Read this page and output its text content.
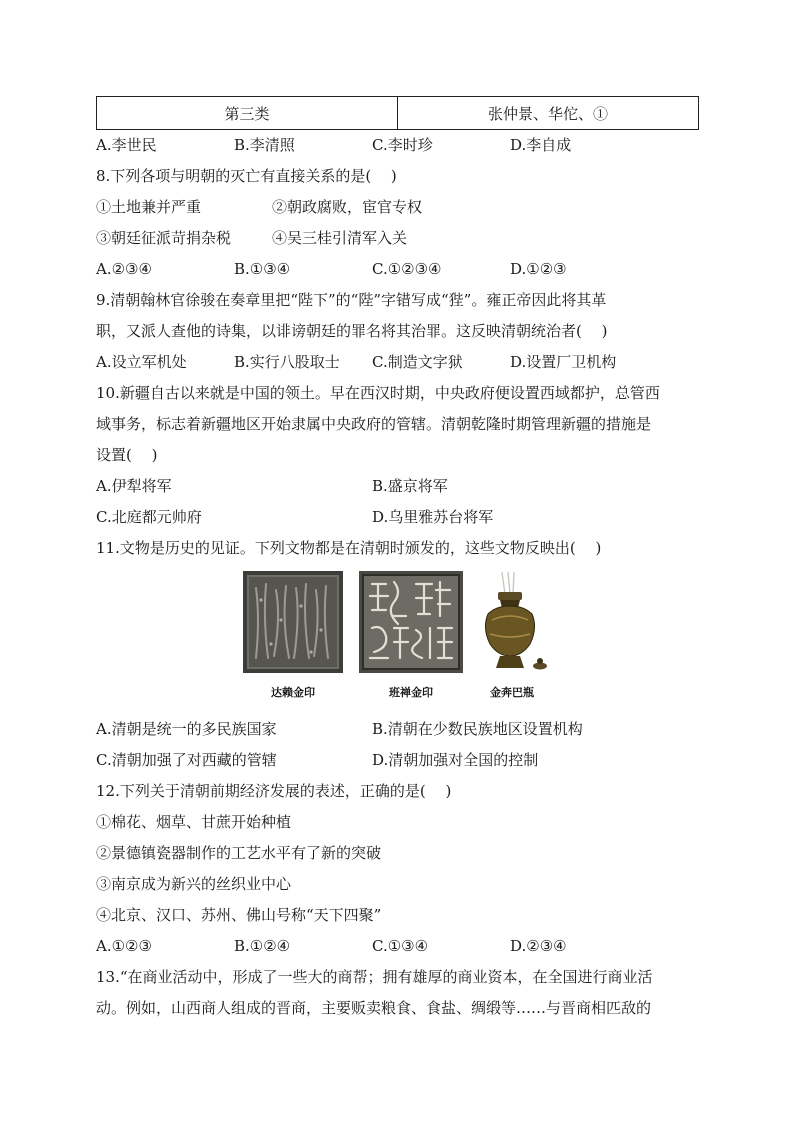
第三类	张仲景、华佗、①
A.李世民	B.李清照	C.李时珍	D.李自成
8.下列各项与明朝的灭亡有直接关系的是(　 )
①土地兼并严重	②朝政腐败，宦官专权
③朝廷征派苛捐杂税	④吴三桂引清军入关
A.②③④	B.①③④	C.①②③④	D.①②③
9.清朝翰林官徐骏在奏章里把“陛下”的“陛”字错写成“狴”。雍正帝因此将其革
职，又派人查他的诗集，以诽谤朝廷的罪名将其治罪。这反映清朝统治者(　 )
A.设立军机处	B.实行八股取士 C.制造文字狱	D.设置厂卫机构
10.新疆自古以来就是中国的领土。早在西汉时期，中央政府便设置西域都护，总管西
域事务，标志着新疆地区开始隶属中央政府的管辖。清朝乾隆时期管理新疆的措施是
设置(　 )
A.伊犁将军	B.盛京将军
C.北庭都元帅府	D.乌里雅苏台将军
11.文物是历史的见证。下列文物都是在清朝时颁发的，这些文物反映出(　 )
达赖金印	班禅金印	金奔巴瓶
A.清朝是统一的多民族国家	B.清朝在少数民族地区设置机构
C.清朝加强了对西藏的管辖	D.清朝加强对全国的控制
12.下列关于清朝前期经济发展的表述，正确的是(　 )
①棉花、烟草、甘蔗开始种植
②景德镇瓷器制作的工艺水平有了新的突破
③南京成为新兴的丝织业中心
④北京、汉口、苏州、佛山号称“天下四聚”
A.①②③	B.①②④	C.①③④	D.②③④
13.“在商业活动中，形成了一些大的商帮；拥有雄厚的商业资本，在全国进行商业活
动。例如，山西商人组成的晋商，主要贩卖粮食、食盐、绸缎等……与晋商相匹敌的
